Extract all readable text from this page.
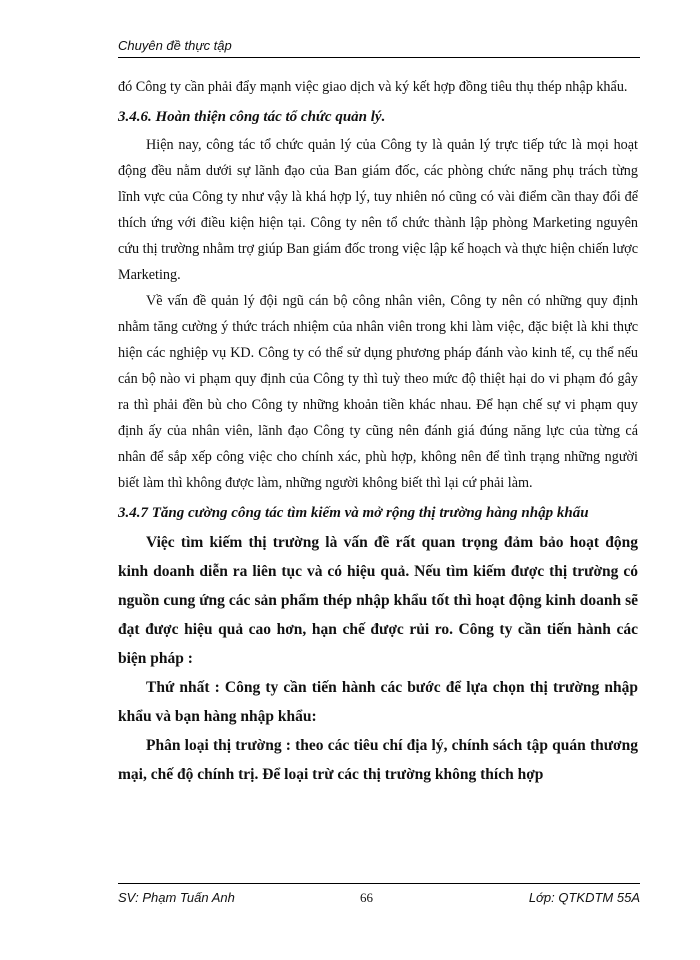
Chuyên đề thực tập

đó Công ty cần phải đẩy mạnh việc giao dịch và ký kết hợp đồng tiêu thụ thép nhập khẩu.

3.4.6. Hoàn thiện công tác tổ chức quản lý.

Hiện nay, công tác tổ chức quản lý của Công ty là quản lý trực tiếp tức là mọi hoạt động đều nằm dưới sự lãnh đạo của Ban giám đốc, các phòng chức năng phụ trách từng lĩnh vực của Công ty như vậy là khá hợp lý, tuy nhiên nó cũng có vài điểm cần thay đổi để thích ứng với điều kiện hiện tại. Công ty nên tổ chức thành lập phòng Marketing nguyên cứu thị trường nhằm trợ giúp Ban giám đốc trong việc lập kế hoạch và thực hiện chiến lược Marketing.

Về vấn đề quản lý đội ngũ cán bộ công nhân viên, Công ty nên có những quy định nhằm tăng cường ý thức trách nhiệm của nhân viên trong khi làm việc, đặc biệt là khi thực hiện các nghiệp vụ KD. Công ty có thể sử dụng phương pháp đánh vào kinh tế, cụ thể nếu cán bộ nào vi phạm quy định của Công ty thì tuỳ theo mức độ thiệt hại do vi phạm đó gây ra thì phải đền bù cho Công ty những khoản tiền khác nhau. Để hạn chế sự vi phạm quy định ấy của nhân viên, lãnh đạo Công ty cũng nên đánh giá đúng năng lực của từng cá nhân để sắp xếp công việc cho chính xác, phù hợp, không nên để tình trạng những người biết làm thì không được làm, những người không biết thì lại cứ phải làm.

3.4.7 Tăng cường công tác tìm kiếm và mở rộng thị trường hàng nhập khẩu

Việc tìm kiếm thị trường là vấn đề rất quan trọng đảm bảo hoạt động kinh doanh diễn ra liên tục và có hiệu quả. Nếu tìm kiếm được thị trường có nguồn cung ứng các sản phẩm thép nhập khẩu tốt thì hoạt động kinh doanh sẽ đạt được hiệu quả cao hơn, hạn chế được rủi ro. Công ty cần tiến hành các biện pháp :

Thứ nhất : Công ty cần tiến hành các bước để lựa chọn thị trường nhập khẩu và bạn hàng nhập khẩu:

Phân loại thị trường : theo các tiêu chí địa lý, chính sách tập quán thương mại, chế độ chính trị. Để loại trừ các thị trường không thích hợp

SV: Phạm Tuấn Anh	66	Lớp: QTKDTM 55A
